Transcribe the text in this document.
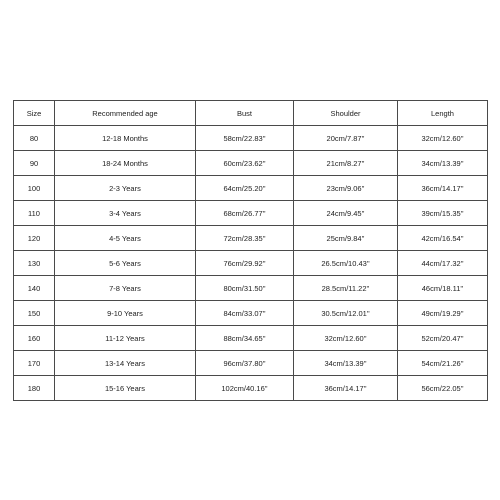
Size	Recommended age	Bust	Shoulder	Length
80	12-18 Months	58cm/22.83''	20cm/7.87''	32cm/12.60''
90	18-24 Months	60cm/23.62''	21cm/8.27''	34cm/13.39''
100	2-3 Years	64cm/25.20''	23cm/9.06''	36cm/14.17''
110	3-4 Years	68cm/26.77''	24cm/9.45''	39cm/15.35''
120	4-5 Years	72cm/28.35''	25cm/9.84''	42cm/16.54''
130	5-6 Years	76cm/29.92''	26.5cm/10.43''	44cm/17.32''
140	7-8 Years	80cm/31.50''	28.5cm/11.22''	46cm/18.11''
150	9-10 Years	84cm/33.07''	30.5cm/12.01''	49cm/19.29''
160	11-12 Years	88cm/34.65''	32cm/12.60''	52cm/20.47''
170	13-14 Years	96cm/37.80''	34cm/13.39''	54cm/21.26''
180	15-16 Years	102cm/40.16''	36cm/14.17''	56cm/22.05''
